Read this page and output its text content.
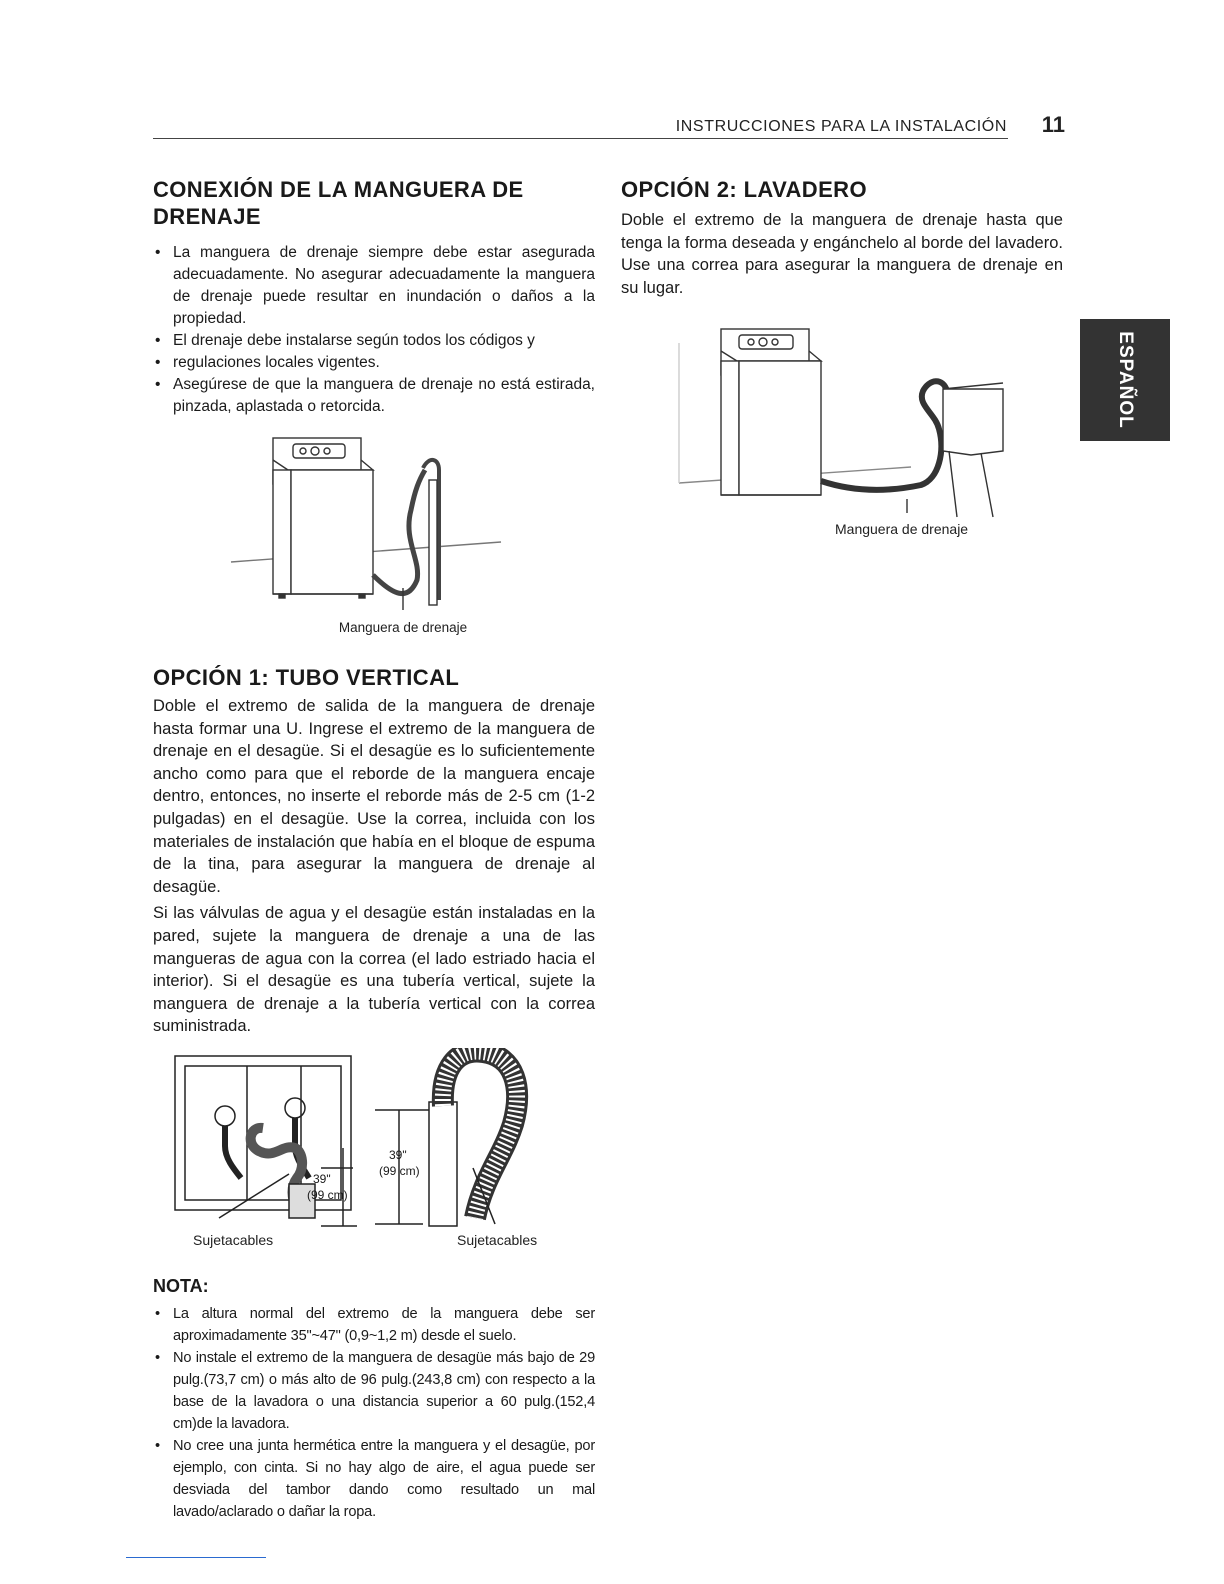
INSTRUCCIONES PARA LA INSTALACIÓN 11
ESPAÑOL
CONEXIÓN DE LA MANGUERA DE DRENAJE
• La manguera de drenaje siempre debe estar asegurada adecuadamente. No asegurar adecuadamente la manguera de drenaje puede resultar en inundación o daños a la propiedad.
• El drenaje debe instalarse según todos los códigos y
• regulaciones locales vigentes.
• Asegúrese de que la manguera de drenaje no está estirada, pinzada, aplastada o retorcida.
Manguera de drenaje
OPCIÓN 1: TUBO VERTICAL

Doble el extremo de salida de la manguera de drenaje hasta formar una U. Ingrese el extremo de la manguera de drenaje en el desagüe. Si el desagüe es lo suficientemente ancho como para que el reborde de la manguera encaje dentro, entonces, no inserte el reborde más de 2-5 cm (1-2 pulgadas) en el desagüe. Use la correa, incluida con los materiales de instalación que había en el bloque de espuma de la tina, para asegurar la manguera de drenaje al desagüe.

Si las válvulas de agua y el desagüe están instaladas en la pared, sujete la manguera de drenaje a una de las mangueras de agua con la correa (el lado estriado hacia el interior). Si el desagüe es una tubería vertical, sujete la manguera de drenaje a la tubería vertical con la correa suministrada.

39"
(99 cm)
39"
(99 cm)
Sujetacables	Sujetacables
NOTA:
• La altura normal del extremo de la manguera debe ser aproximadamente 35"~47" (0,9~1,2 m) desde el suelo.
• No instale el extremo de la manguera de desagüe más bajo de 29 pulg.(73,7 cm) o más alto de 96 pulg.(243,8 cm) con respecto a la base de la lavadora o una distancia superior a 60 pulg.(152,4 cm)de la lavadora.
• No cree una junta hermética entre la manguera y el desagüe, por ejemplo, con cinta. Si no hay algo de aire, el agua puede ser desviada del tambor dando como resultado un mal lavado/aclarado o dañar la ropa.
OPCIÓN 2: LAVADERO

Doble el extremo de la manguera de drenaje hasta que tenga la forma deseada y engánchelo al borde del lavadero. Use una correa para asegurar la manguera de drenaje en su lugar.

Manguera de drenaje
